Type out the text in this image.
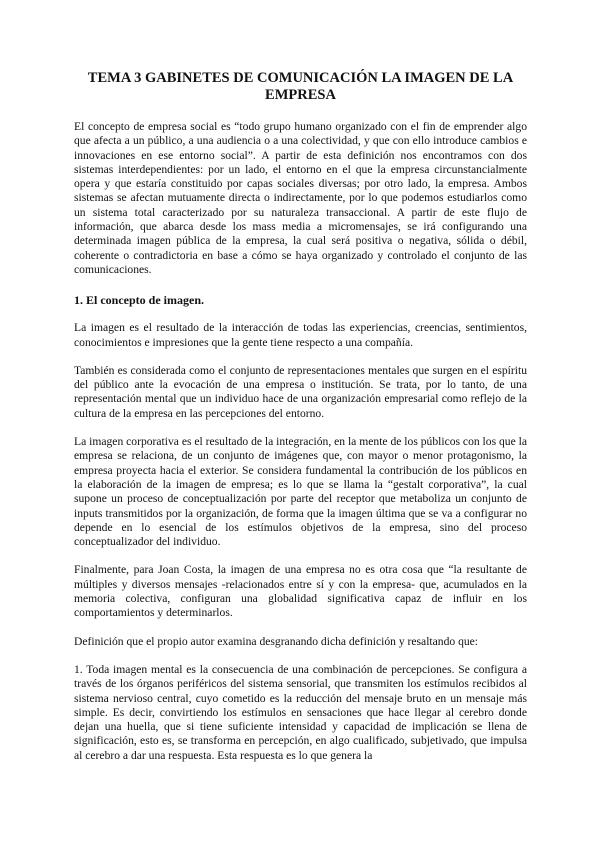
TEMA 3 GABINETES DE COMUNICACIÓN LA IMAGEN DE LA EMPRESA

El concepto de empresa social es “todo grupo humano organizado con el fin de emprender algo que afecta a un público, a una audiencia o a una colectividad, y que con ello introduce cambios e innovaciones en ese entorno social”. A partir de esta definición nos encontramos con dos sistemas interdependientes: por un lado, el entorno en el que la empresa circunstancialmente opera y que estaría constituido por capas sociales diversas; por otro lado, la empresa. Ambos sistemas se afectan mutuamente directa o indirectamente, por lo que podemos estudiarlos como un sistema total caracterizado por su naturaleza transaccional. A partir de este flujo de información, que abarca desde los mass media a micromensajes, se irá configurando una determinada imagen pública de la empresa, la cual será positiva o negativa, sólida o débil, coherente o contradictoria en base a cómo se haya organizado y controlado el conjunto de las comunicaciones.

1. El concepto de imagen.

La imagen es el resultado de la interacción de todas las experiencias, creencias, sentimientos, conocimientos e impresiones que la gente tiene respecto a una compañía.

También es considerada como el conjunto de representaciones mentales que surgen en el espíritu del público ante la evocación de una empresa o institución. Se trata, por lo tanto, de una representación mental que un individuo hace de una organización empresarial como reflejo de la cultura de la empresa en las percepciones del entorno.

La imagen corporativa es el resultado de la integración, en la mente de los públicos con los que la empresa se relaciona, de un conjunto de imágenes que, con mayor o menor protagonismo, la empresa proyecta hacia el exterior. Se considera fundamental la contribución de los públicos en la elaboración de la imagen de empresa; es lo que se llama la “gestalt corporativa”, la cual supone un proceso de conceptualización por parte del receptor que metaboliza un conjunto de inputs transmitidos por la organización, de forma que la imagen última que se va a configurar no depende en lo esencial de los estímulos objetivos de la empresa, sino del proceso conceptualizador del individuo.

Finalmente, para Joan Costa, la imagen de una empresa no es otra cosa que “la resultante de múltiples y diversos mensajes -relacionados entre sí y con la empresa- que, acumulados en la memoria colectiva, configuran una globalidad significativa capaz de influir en los comportamientos y determinarlos.

Definición que el propio autor examina desgranando dicha definición y resaltando que:

1. Toda imagen mental es la consecuencia de una combinación de percepciones. Se configura a través de los órganos periféricos del sistema sensorial, que transmiten los estímulos recibidos al sistema nervioso central, cuyo cometido es la reducción del mensaje bruto en un mensaje más simple. Es decir, convirtiendo los estímulos en sensaciones que hace llegar al cerebro donde dejan una huella, que si tiene suficiente intensidad y capacidad de implicación se llena de significación, esto es, se transforma en percepción, en algo cualificado, subjetivado, que impulsa al cerebro a dar una respuesta. Esta respuesta es lo que genera la
